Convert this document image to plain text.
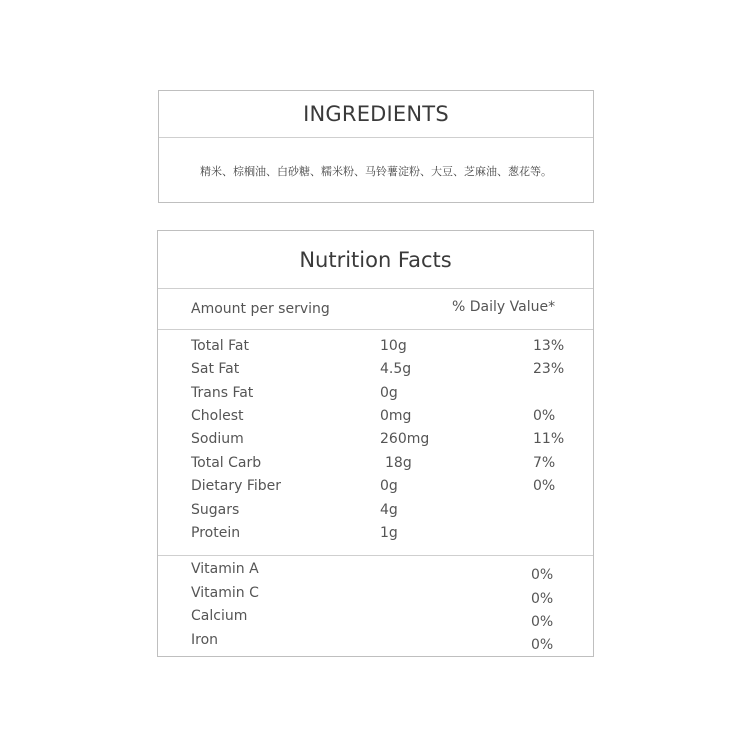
INGREDIENTS
精米、棕榈油、白砂糖、糯米粉、马铃薯淀粉、大豆、芝麻油、葱花等。
Nutrition Facts
Amount per serving	% Daily Value*
Total Fat	10g	13%
Sat Fat	4.5g	23%
Trans Fat	0g
Cholest	0mg	0%
Sodium	260mg	11%
Total Carb	18g	7%
Dietary Fiber	0g	0%
Sugars	4g
Protein	1g
Vitamin A	0%
Vitamin C	0%
Calcium	0%
Iron	0%
